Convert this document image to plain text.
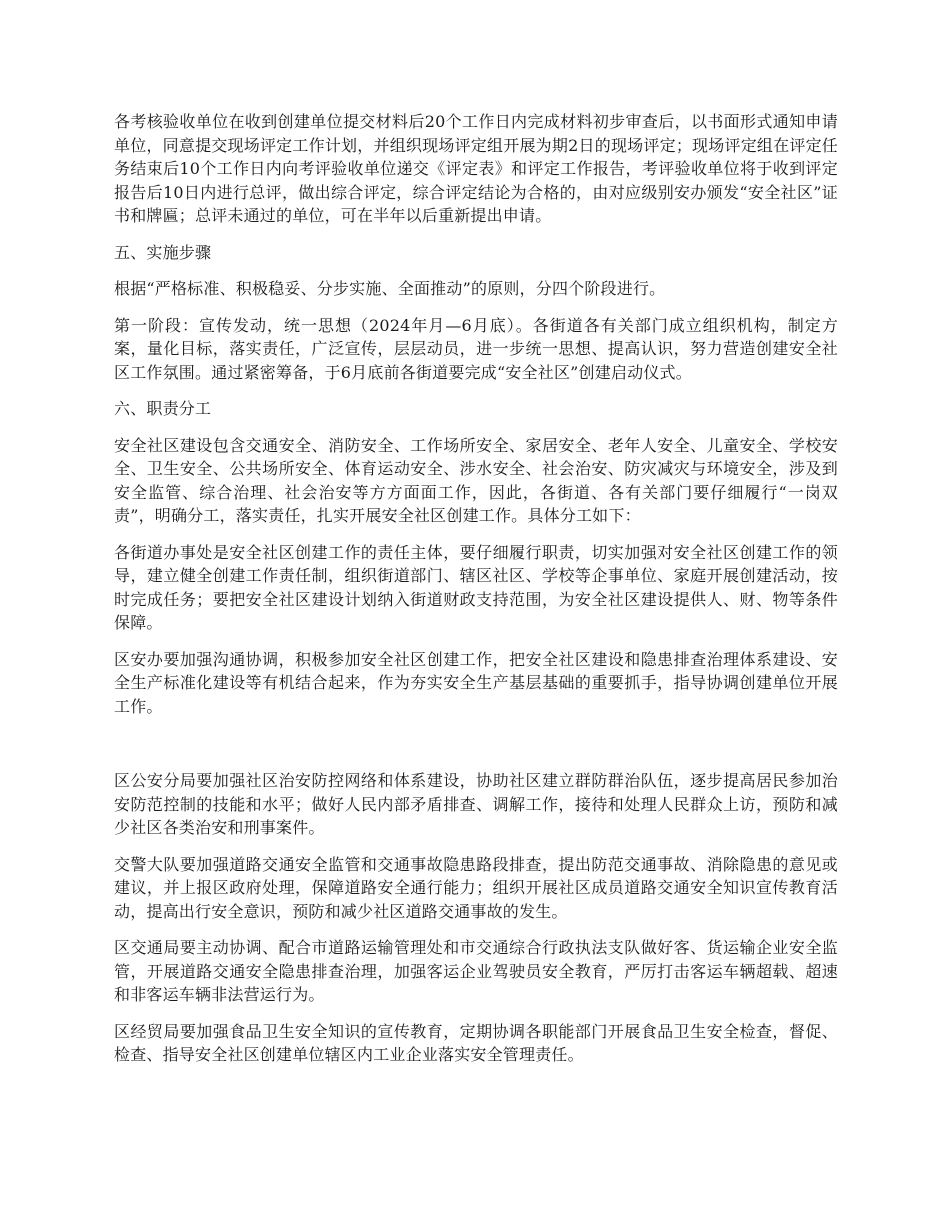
各考核验收单位在收到创建单位提交材料后20个工作日内完成材料初步审查后，以书面形式通知申请单位，同意提交现场评定工作计划，并组织现场评定组开展为期2日的现场评定；现场评定组在评定任务结束后10个工作日内向考评验收单位递交《评定表》和评定工作报告，考评验收单位将于收到评定报告后10日内进行总评，做出综合评定，综合评定结论为合格的，由对应级别安办颁发“安全社区”证书和牌匾；总评未通过的单位，可在半年以后重新提出申请。

五、实施步骤

根据“严格标准、积极稳妥、分步实施、全面推动”的原则，分四个阶段进行。

第一阶段：宣传发动，统一思想（2024年月—6月底）。各街道各有关部门成立组织机构，制定方案，量化目标，落实责任，广泛宣传，层层动员，进一步统一思想、提高认识，努力营造创建安全社区工作氛围。通过紧密筹备，于6月底前各街道要完成“安全社区”创建启动仪式。

六、职责分工

安全社区建设包含交通安全、消防安全、工作场所安全、家居安全、老年人安全、儿童安全、学校安全、卫生安全、公共场所安全、体育运动安全、涉水安全、社会治安、防灾减灾与环境安全，涉及到安全监管、综合治理、社会治安等方方面面工作，因此，各街道、各有关部门要仔细履行“一岗双责”，明确分工，落实责任，扎实开展安全社区创建工作。具体分工如下：

各街道办事处是安全社区创建工作的责任主体，要仔细履行职责，切实加强对安全社区创建工作的领导，建立健全创建工作责任制，组织街道部门、辖区社区、学校等企事单位、家庭开展创建活动，按时完成任务；要把安全社区建设计划纳入街道财政支持范围，为安全社区建设提供人、财、物等条件保障。

区安办要加强沟通协调，积极参加安全社区创建工作，把安全社区建设和隐患排查治理体系建设、安全生产标准化建设等有机结合起来，作为夯实安全生产基层基础的重要抓手，指导协调创建单位开展工作。

区公安分局要加强社区治安防控网络和体系建设，协助社区建立群防群治队伍，逐步提高居民参加治安防范控制的技能和水平；做好人民内部矛盾排查、调解工作，接待和处理人民群众上访，预防和减少社区各类治安和刑事案件。

交警大队要加强道路交通安全监管和交通事故隐患路段排查，提出防范交通事故、消除隐患的意见或建议，并上报区政府处理，保障道路安全通行能力；组织开展社区成员道路交通安全知识宣传教育活动，提高出行安全意识，预防和减少社区道路交通事故的发生。

区交通局要主动协调、配合市道路运输管理处和市交通综合行政执法支队做好客、货运输企业安全监管，开展道路交通安全隐患排查治理，加强客运企业驾驶员安全教育，严厉打击客运车辆超载、超速和非客运车辆非法营运行为。

区经贸局要加强食品卫生安全知识的宣传教育，定期协调各职能部门开展食品卫生安全检查，督促、检查、指导安全社区创建单位辖区内工业企业落实安全管理责任。
